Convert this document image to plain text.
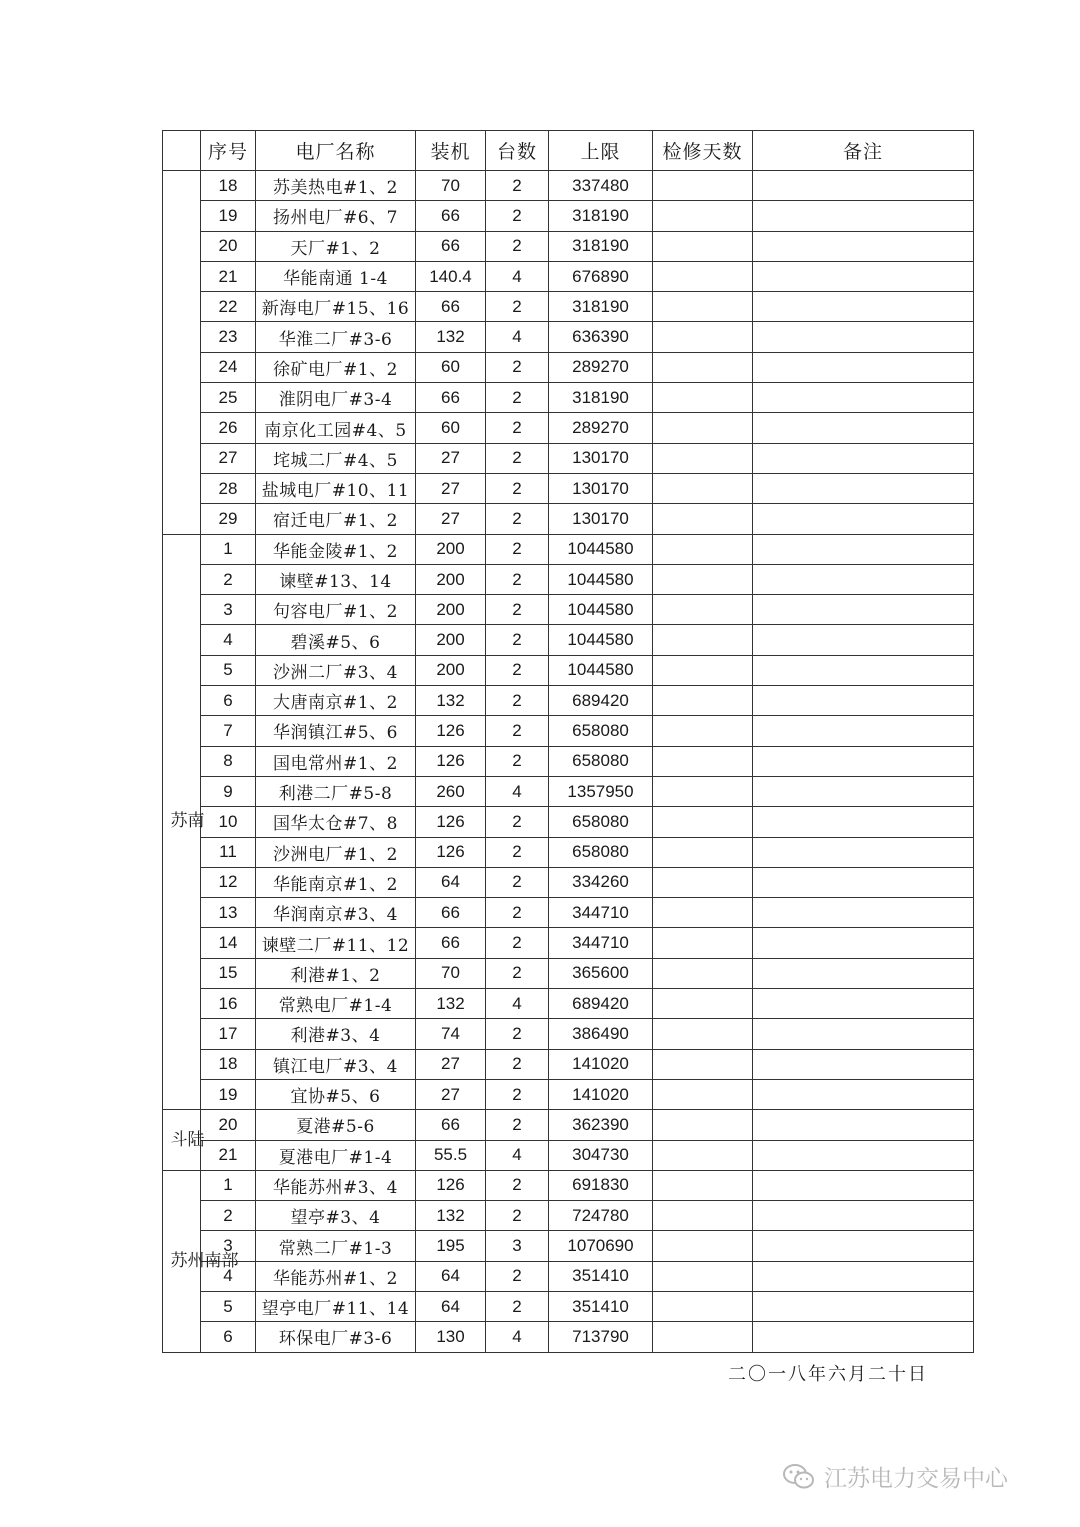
	序号	电厂名称	装机	台数	上限	检修天数	备注
	18	苏美热电#1、2	70	2	337480		
	19	扬州电厂#6、7	66	2	318190		
	20	天厂#1、2	66	2	318190		
	21	华能南通 1-4	140.4	4	676890		
	22	新海电厂#15、16	66	2	318190		
	23	华淮二厂#3-6	132	4	636390		
	24	徐矿电厂#1、2	60	2	289270		
	25	淮阴电厂#3-4	66	2	318190		
	26	南京化工园#4、5	60	2	289270		
	27	垞城二厂#4、5	27	2	130170		
	28	盐城电厂#10、11	27	2	130170		
	29	宿迁电厂#1、2	27	2	130170		
苏南	1	华能金陵#1、2	200	2	1044580		
	2	谏壁#13、14	200	2	1044580		
	3	句容电厂#1、2	200	2	1044580		
	4	碧溪#5、6	200	2	1044580		
	5	沙洲二厂#3、4	200	2	1044580		
	6	大唐南京#1、2	132	2	689420		
	7	华润镇江#5、6	126	2	658080		
	8	国电常州#1、2	126	2	658080		
	9	利港二厂#5-8	260	4	1357950		
	10	国华太仓#7、8	126	2	658080		
	11	沙洲电厂#1、2	126	2	658080		
	12	华能南京#1、2	64	2	334260		
	13	华润南京#3、4	66	2	344710		
	14	谏壁二厂#11、12	66	2	344710		
	15	利港#1、2	70	2	365600		
	16	常熟电厂#1-4	132	4	689420		
	17	利港#3、4	74	2	386490		
	18	镇江电厂#3、4	27	2	141020		
	19	宜协#5、6	27	2	141020		
斗陆	20	夏港#5-6	66	2	362390		
	21	夏港电厂#1-4	55.5	4	304730		
苏州南部	1	华能苏州#3、4	126	2	691830		
	2	望亭#3、4	132	2	724780		
	3	常熟二厂#1-3	195	3	1070690		
	4	华能苏州#1、2	64	2	351410		
	5	望亭电厂#11、14	64	2	351410		
	6	环保电厂#3-6	130	4	713790		
二〇一八年六月二十日
江苏电力交易中心
